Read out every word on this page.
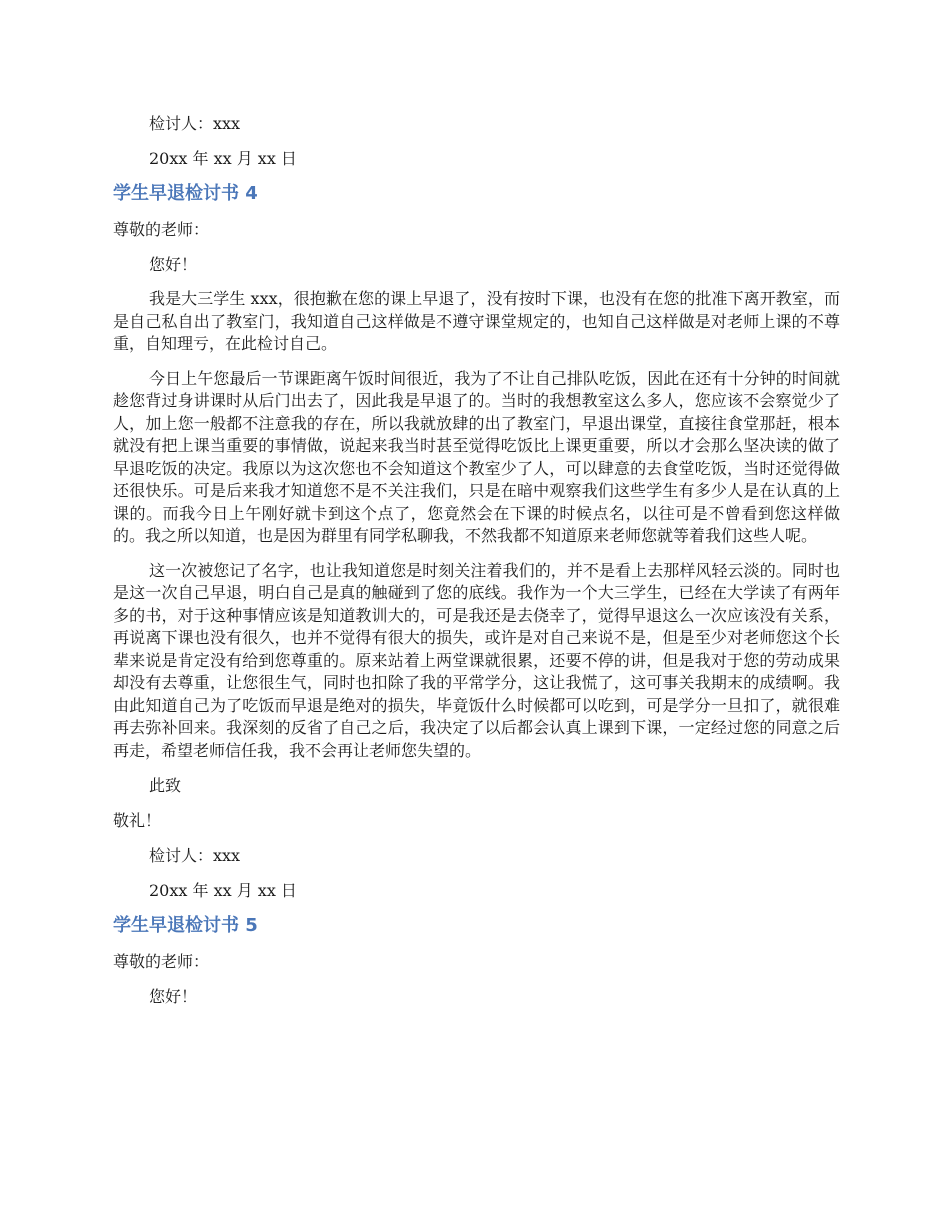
检讨人：xxx
20xx 年 xx 月 xx 日
学生早退检讨书 4
尊敬的老师：
您好！

我是大三学生 xxx，很抱歉在您的课上早退了，没有按时下课，也没有在您的批准下离开教室，而是自己私自出了教室门，我知道自己这样做是不遵守课堂规定的，也知自己这样做是对老师上课的不尊重，自知理亏，在此检讨自己。

今日上午您最后一节课距离午饭时间很近，我为了不让自己排队吃饭，因此在还有十分钟的时间就趁您背过身讲课时从后门出去了，因此我是早退了的。当时的我想教室这么多人，您应该不会察觉少了人，加上您一般都不注意我的存在，所以我就放肆的出了教室门，早退出课堂，直接往食堂那赶，根本就没有把上课当重要的事情做，说起来我当时甚至觉得吃饭比上课更重要，所以才会那么坚决读的做了早退吃饭的决定。我原以为这次您也不会知道这个教室少了人，可以肆意的去食堂吃饭，当时还觉得做还很快乐。可是后来我才知道您不是不关注我们，只是在暗中观察我们这些学生有多少人是在认真的上课的。而我今日上午刚好就卡到这个点了，您竟然会在下课的时候点名，以往可是不曾看到您这样做的。我之所以知道，也是因为群里有同学私聊我，不然我都不知道原来老师您就等着我们这些人呢。

这一次被您记了名字，也让我知道您是时刻关注着我们的，并不是看上去那样风轻云淡的。同时也是这一次自己早退，明白自己是真的触碰到了您的底线。我作为一个大三学生，已经在大学读了有两年多的书，对于这种事情应该是知道教训大的，可是我还是去侥幸了，觉得早退这么一次应该没有关系，再说离下课也没有很久，也并不觉得有很大的损失，或许是对自己来说不是，但是至少对老师您这个长辈来说是肯定没有给到您尊重的。原来站着上两堂课就很累，还要不停的讲，但是我对于您的劳动成果却没有去尊重，让您很生气，同时也扣除了我的平常学分，这让我慌了，这可事关我期末的成绩啊。我由此知道自己为了吃饭而早退是绝对的损失，毕竟饭什么时候都可以吃到，可是学分一旦扣了，就很难再去弥补回来。我深刻的反省了自己之后，我决定了以后都会认真上课到下课，一定经过您的同意之后再走，希望老师信任我，我不会再让老师您失望的。

此致
敬礼！
检讨人：xxx
20xx 年 xx 月 xx 日
学生早退检讨书 5
尊敬的老师：
您好！
